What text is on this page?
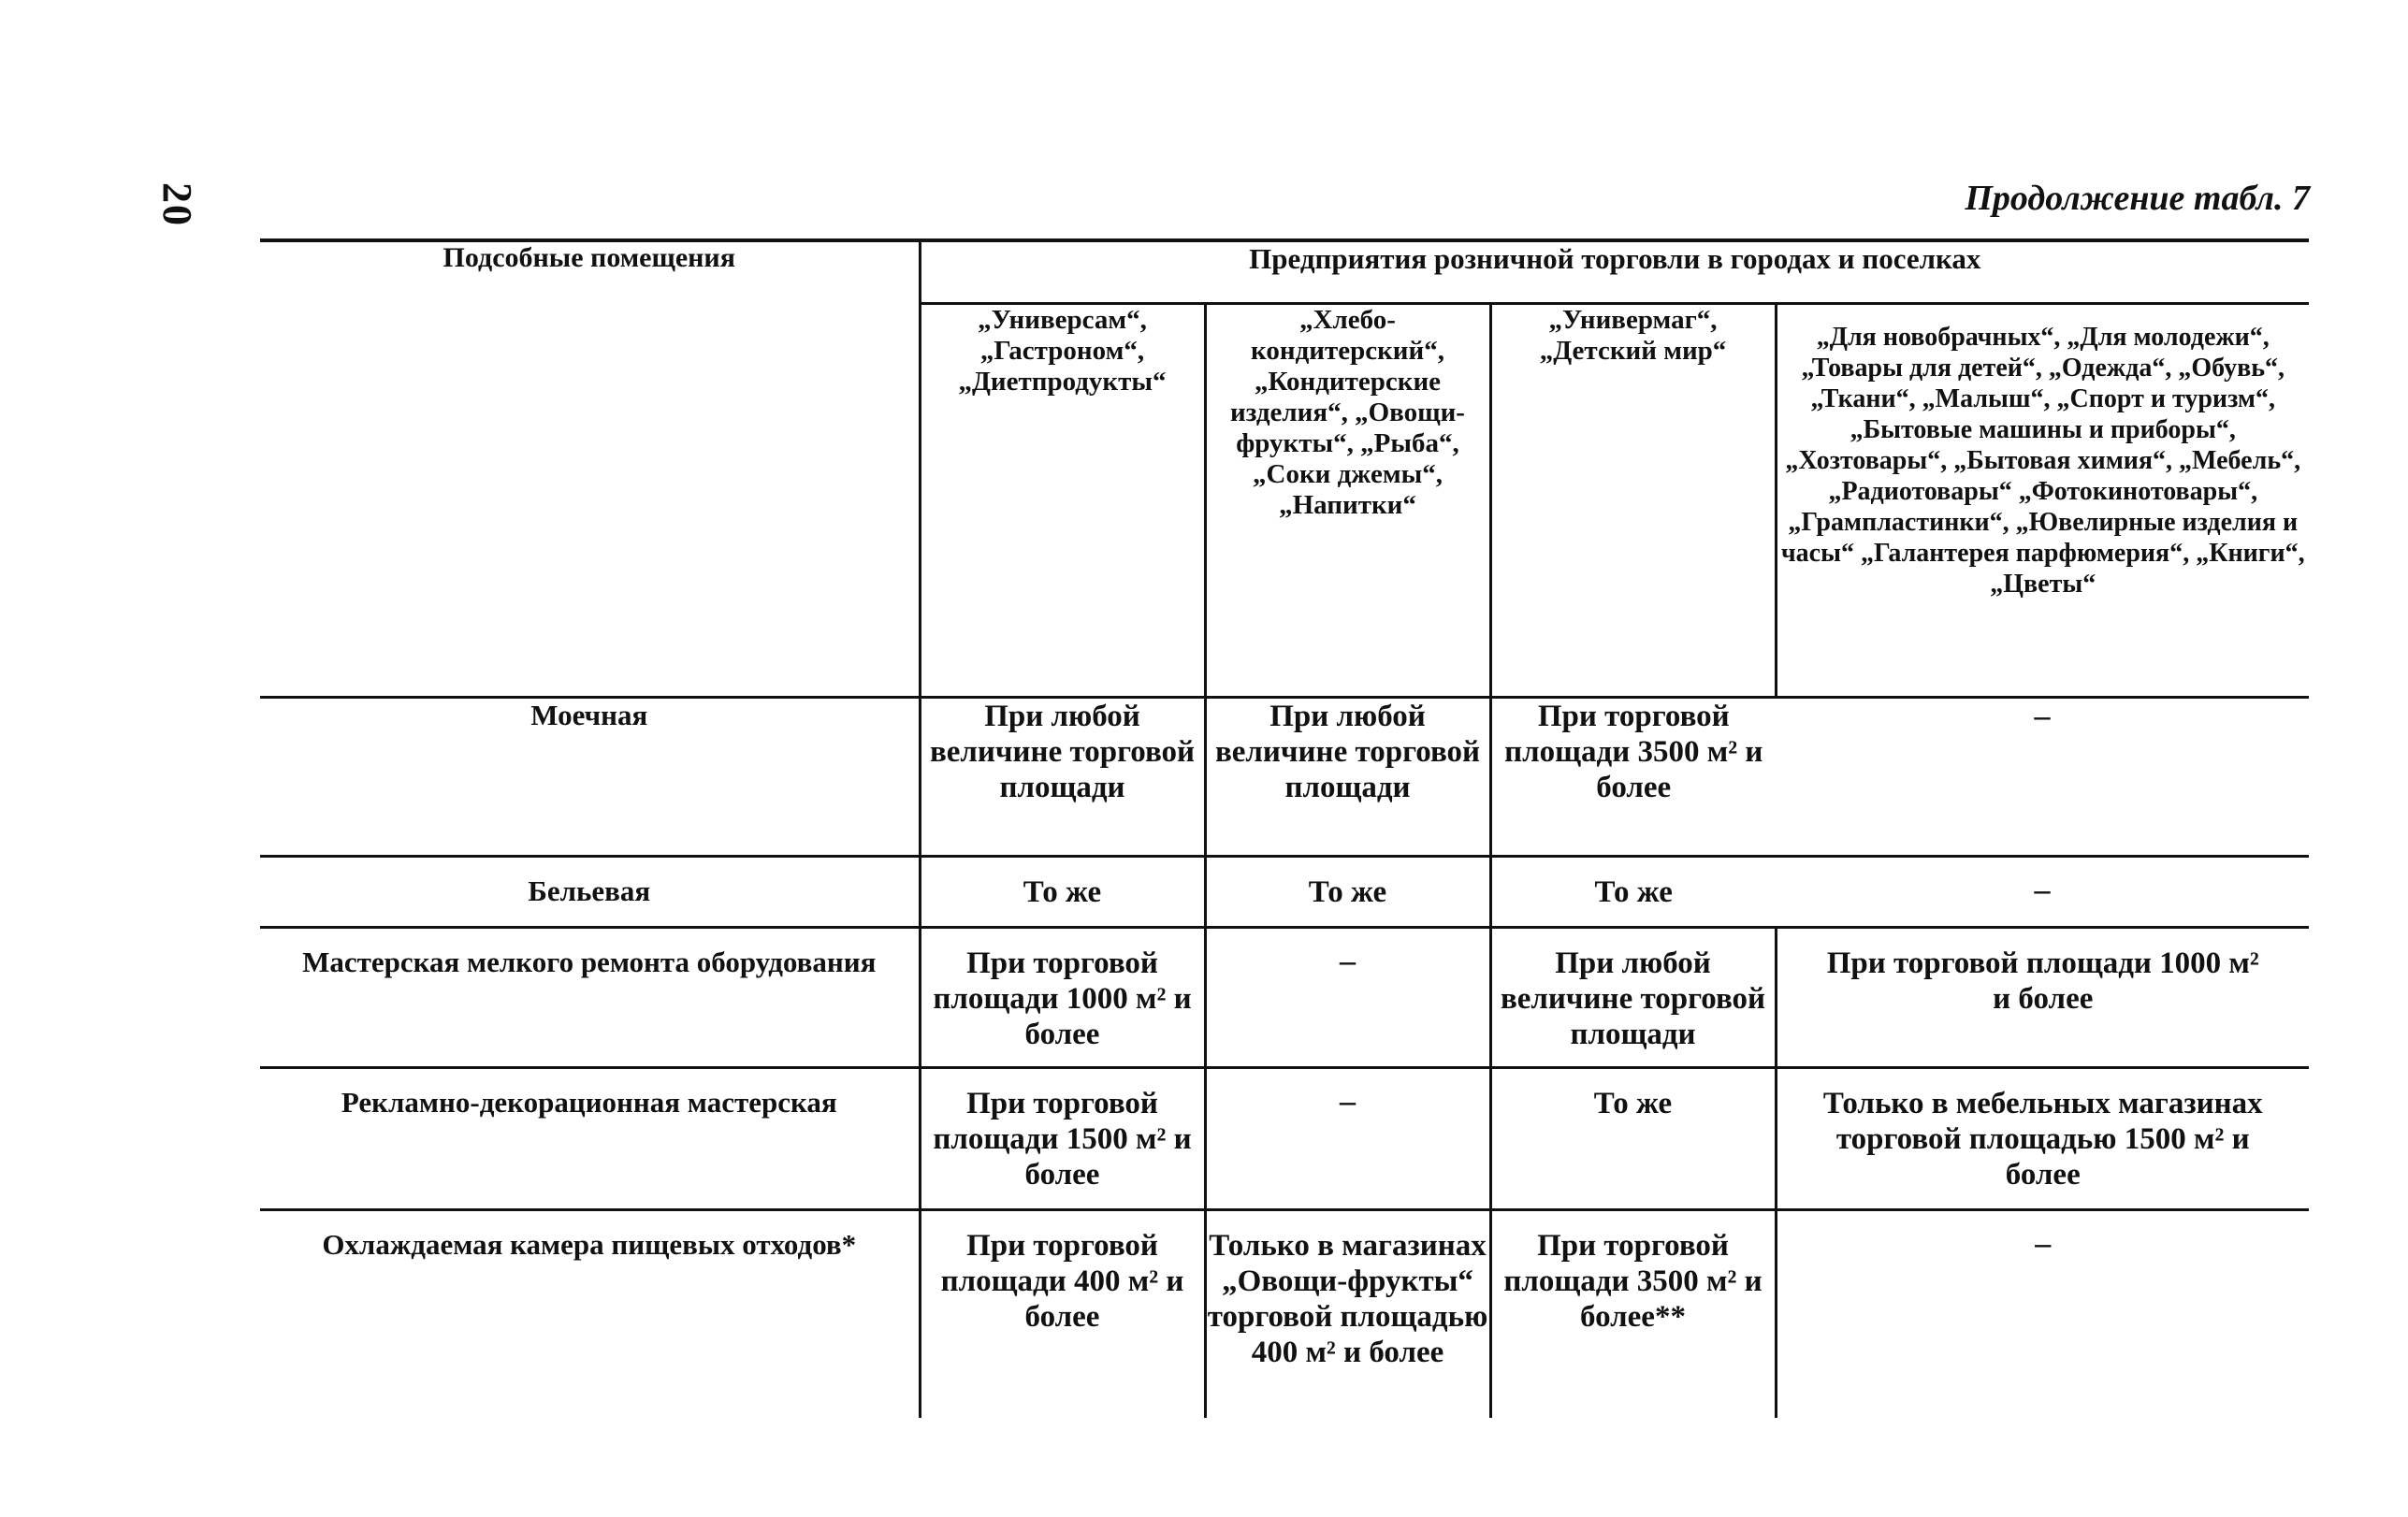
20	Продолжение табл. 7
Подсобные помещения	Предприятия розничной торговли в городах и поселках			
	„Универсам“, „Гастроном“, „Диетпродукты“	„Хлебо-кондитерский“, „Кондитерские изделия“, „Овощи-фрукты“, „Рыба“, „Соки джемы“, „Напитки“	„Универмаг“, „Детский мир“	„Для новобрачных“, „Для молодежи“, „Товары для детей“, „Одежда“, „Обувь“, „Ткани“, „Малыш“, „Спорт и туризм“, „Бытовые машины и приборы“, „Хозтовары“, „Бытовая химия“, „Мебель“, „Радиотовары“ „Фотокинотовары“, „Грампластинки“, „Ювелирные изделия и часы“ „Галантерея парфюмерия“, „Книги“, „Цветы“
Моечная	При любой величине торговой площади	При любой величине торговой площади	При торговой площади 3500 м² и более	–
Бельевая	То же	То же	То же	–
Мастерская мелкого ремонта оборудования	При торговой площади 1000 м² и более	–	При любой величине торговой площади	При торговой площади 1000 м² и более
Рекламно-декорационная мастерская	При торговой площади 1500 м² и более	–	То же	Только в мебельных магазинах торговой площадью 1500 м² и более
Охлаждаемая камера пищевых отходов*	При торговой площади 400 м² и более	Только в магазинах „Овощи-фрукты“ торговой площадью 400 м² и более	При торговой площади 3500 м² и более**	–
